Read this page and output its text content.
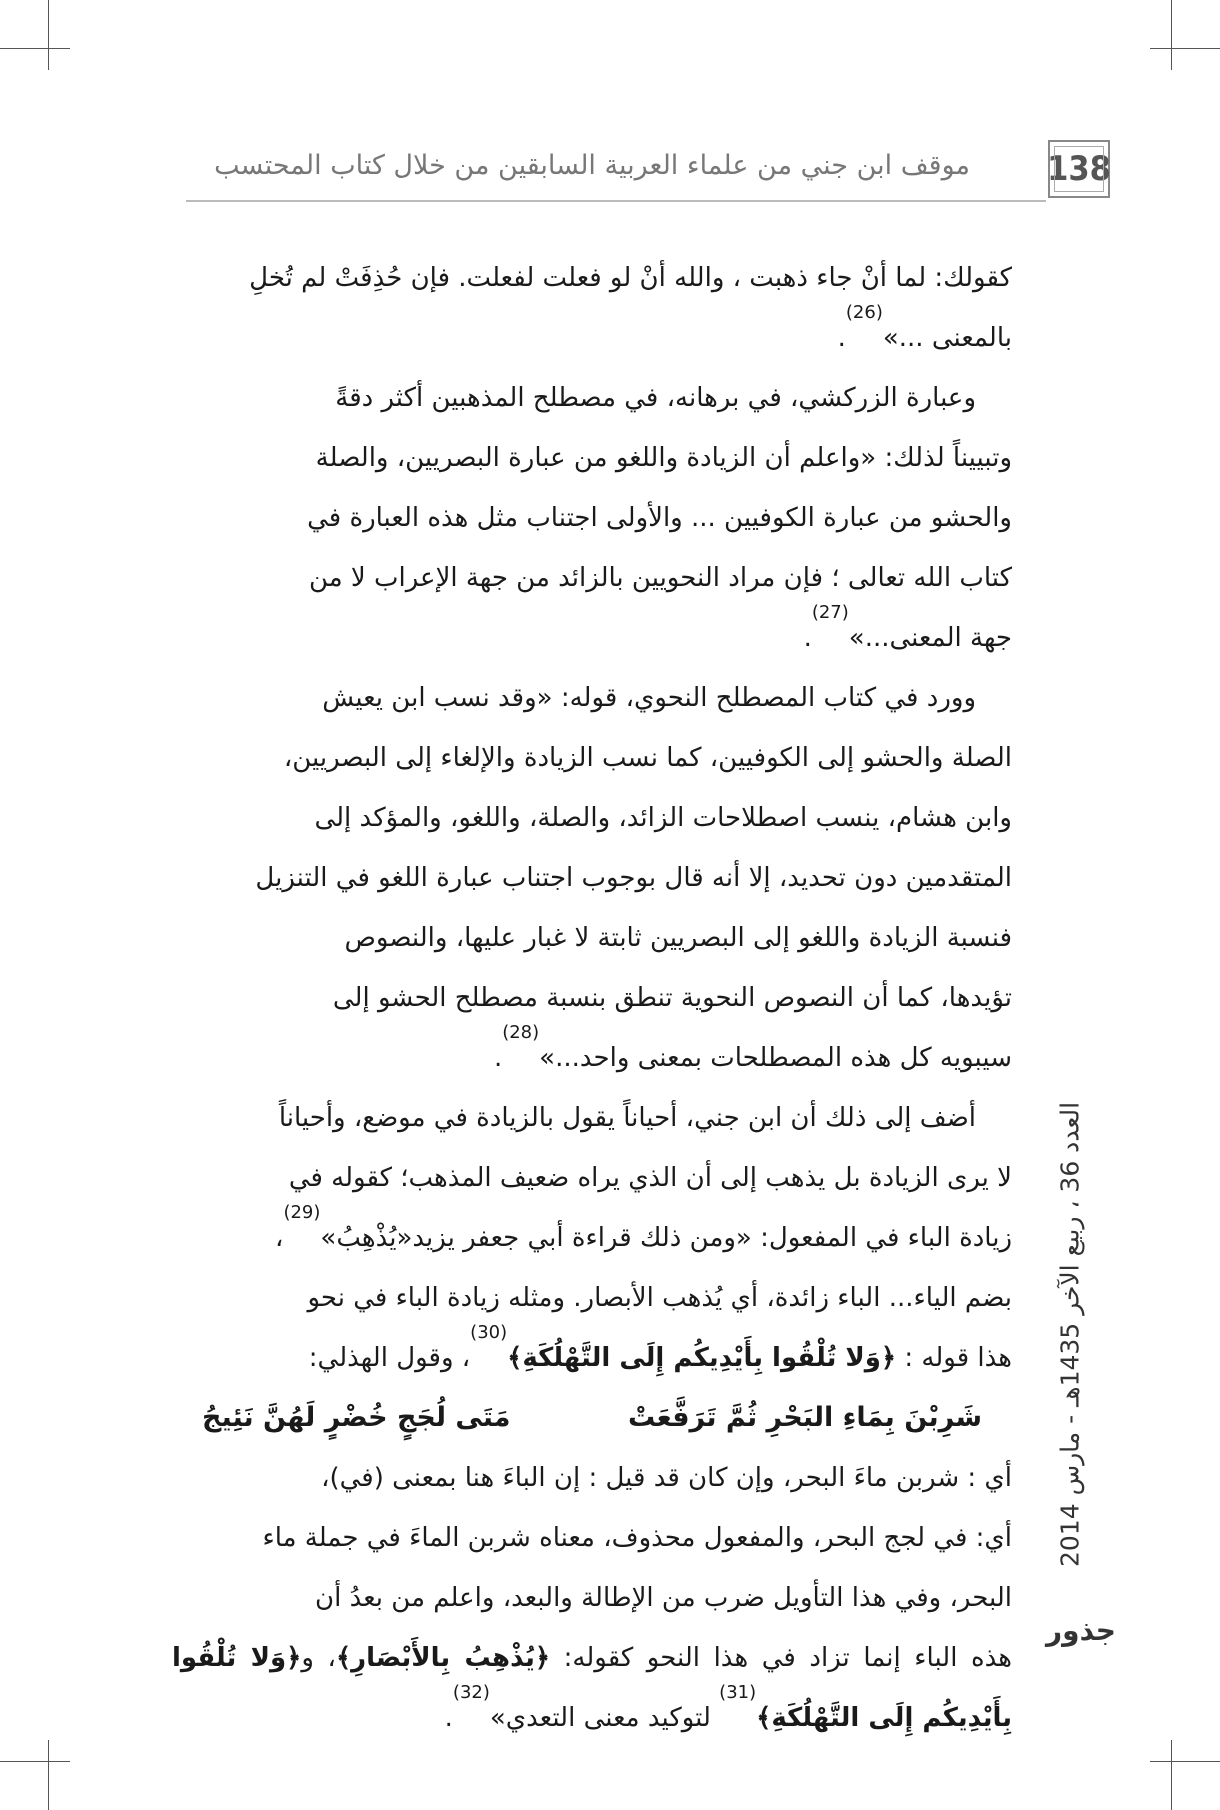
موقف ابن جني من علماء العربية السابقين من خلال كتاب المحتسب 138

كقولك: لما أنْ جاء ذهبت ، والله أنْ لو فعلت لفعلت. فإن حُذِفَتْ لم تُخلِ
بالمعنى ...»$^{(26)}$.

وعبارة الزركشي، في برهانه، في مصطلح المذهبين أكثر دقةً
وتبييناً لذلك: «واعلم أن الزيادة واللغو من عبارة البصريين، والصلة
والحشو من عبارة الكوفيين ... والأولى اجتناب مثل هذه العبارة في
كتاب الله تعالى ؛ فإن مراد النحويين بالزائد من جهة الإعراب لا من
جهة المعنى...»$^{(27)}$.

وورد في كتاب المصطلح النحوي، قوله: «وقد نسب ابن يعيش
الصلة والحشو إلى الكوفيين، كما نسب الزيادة والإلغاء إلى البصريين،
وابن هشام، ينسب اصطلاحات الزائد، والصلة، واللغو، والمؤكد إلى
المتقدمين دون تحديد، إلا أنه قال بوجوب اجتناب عبارة اللغو في التنزيل
فنسبة الزيادة واللغو إلى البصريين ثابتة لا غبار عليها، والنصوص
تؤيدها، كما أن النصوص النحوية تنطق بنسبة مصطلح الحشو إلى
سيبويه كل هذه المصطلحات بمعنى واحد...»$^{(28)}$.

أضف إلى ذلك أن ابن جني، أحياناً يقول بالزيادة في موضع، وأحياناً
لا يرى الزيادة بل يذهب إلى أن الذي يراه ضعيف المذهب؛ كقوله في
زيادة الباء في المفعول: «ومن ذلك قراءة أبي جعفر يزيد«يُذْهِبُ»$^{(29)}$،
بضم الياء... الباء زائدة، أي يُذهب الأبصار. ومثله زيادة الباء في نحو
هذا قوله : ﴿وَلا تُلْقُوا بِأَيْدِيكُم إِلَى التَّهْلُكَةِ﴾$^{(30)}$، وقول الهذلي:

شَرِبْنَ بِمَاءِ البَحْرِ ثُمَّ تَرَفَّعَتْ
مَتَى لُجَجٍ خُضْرٍ لَهُنَّ نَئِيجُ

أي : شربن ماءَ البحر، وإن كان قد قيل : إن الباءَ هنا بمعنى (في)،
أي: في لجج البحر، والمفعول محذوف، معناه شربن الماءَ في جملة ماء
البحر، وفي هذا التأويل ضرب من الإطالة والبعد، واعلم من بعدُ أن
هذه الباء إنما تزاد في هذا النحو كقوله: ﴿يُذْهِبُ بِالأَبْصَارِ﴾، و﴿وَلا تُلْقُوا بِأَيْدِيكُم إِلَى التَّهْلُكَةِ﴾$^{(31)}$ لتوكيد معنى التعدي»$^{(32)}$.

العدد 36 ، ربيع الآخر 1435هـ - مارس 2014
جذور
